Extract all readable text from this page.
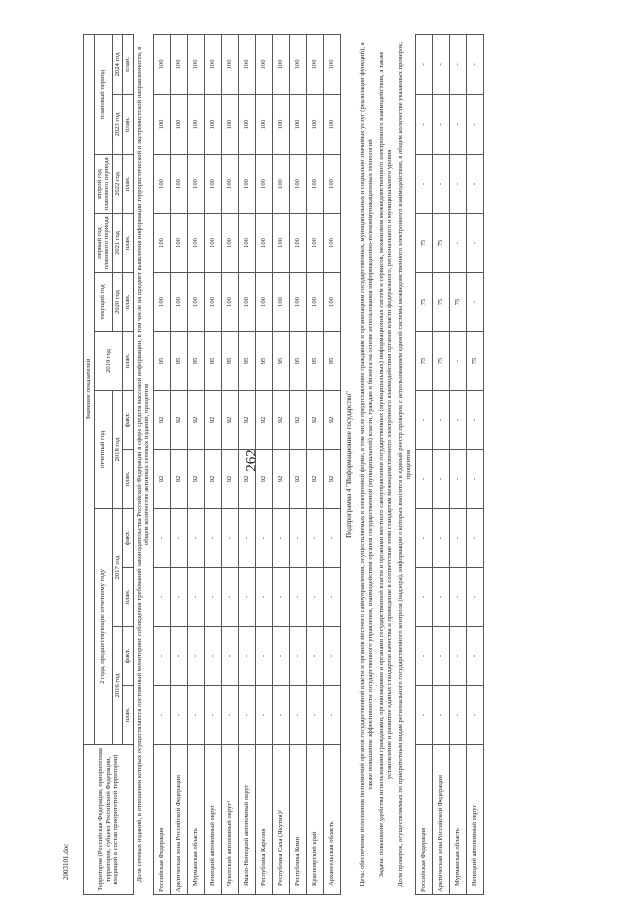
262
Территория (Российская Федерация, приоритетная территория, субъект Российской Федерации, входящий в состав приоритетной территории)	Значение показателей											
	2 года, предшествующие отчетному году				отчетный год		2019 год	текущий год	первый год планового периода	второй год планового периода	плановый период	
	2016 год		2017 год		2018 год			2020 год	2021 год	2022 год	2023 год	2024 год
	план.	факт.	план.	факт.	план.	факт.	план.	план.	план.	план.	план.	план.
Доля сетевых изданий, в отношении которых осуществляется постоянный мониторинг соблюдения требований законодательства Российской Федерации в сфере средств массовой информации, в том числе на предмет выявления информации террористической и экстремистской направленности, в общем количестве активных сетевых изданий, процентов												
Российская Федерация	-	-	-	-	92	92	95	100	100	100	100	100
Арктическая зона Российской Федерации	-	-	-	-	92	92	95	100	100	100	100	100
Мурманская область	-	-	-	-	92	92	95	100	100	100	100	100
Ненецкий автономный округ	-	-	-	-	92	92	95	100	100	100	100	100
Чукотский автономный округ¹	-	-	-	-	92	92	95	100	100	100	100	100
Ямало-Ненецкий автономный округ	-	-	-	-	92	92	95	100	100	100	100	100
Республика Карелия	-	-	-	-	92	92	95	100	100	100	100	100
Республика Саха (Якутия)²	-	-	-	-	92	92	95	100	100	100	100	100
Республика Коми	-	-	-	-	92	92	95	100	100	100	100	100
Красноярский край	-	-	-	-	92	92	95	100	100	100	100	100
Архангельская область	-	-	-	-	92	92	95	100	100	100	100	100
Подпрограмма 4 "Информационное государство"												
Цель: обеспечение исполнения полномочий органов государственной власти и органов местного самоуправления, осуществляемых в электронной форме, в том числе предоставление гражданам и организациям государственных, муниципальных и социально значимых услуг (реализации функций), а также повышение эффективности государственного управления, взаимодействия органов государственной (муниципальной) власти, граждан и бизнеса на основе использования информационно-телекоммуникационных технологий												
Задача: повышение удобства использования гражданами, организациями и органами государственной власти и органами местного самоуправления государственных (муниципальных) информационных систем и сервисов, механизмов межведомственного электронного взаимодействия, а также установление и развитие единых стандартов качества и приведение в соответствие этим стандартам межведомственного электронного взаимодействия органов власти федерального, регионального и муниципального уровня												
Доля проверок, осуществляемых по приоритетным видам регионального государственного контроля (надзора), информация о которых вносится в единый реестр проверок с использованием единой системы межведомственного электронного взаимодействия, в общем количестве указанных проверок, процентов												
Российская Федерация	-	-	-	-	-	-	75	75	75	-	-	-
Арктическая зона Российской Федерации	-	-	-	-	-	-	75	75	75	-	-	-
Мурманская область	-	-	-	-	-	-	-	75	-	-	-	-
Ненецкий автономный округ	-	-	-	-	-	-	75	-	-	-	-	-
2003101.doc
